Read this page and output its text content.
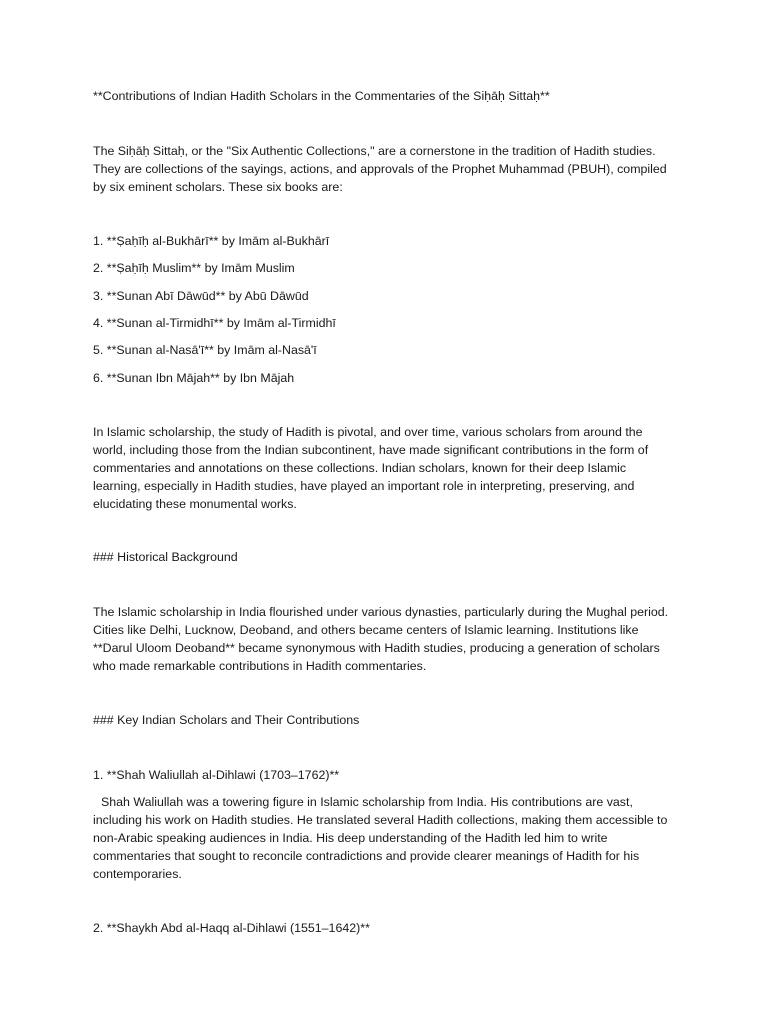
**Contributions of Indian Hadith Scholars in the Commentaries of the Siḥāḥ Sittaḥ**
The Siḥāḥ Sittaḥ, or the "Six Authentic Collections," are a cornerstone in the tradition of Hadith studies. They are collections of the sayings, actions, and approvals of the Prophet Muhammad (PBUH), compiled by six eminent scholars. These six books are:
1. **Ṣaḥīḥ al-Bukhārī** by Imām al-Bukhārī
2. **Ṣaḥīḥ Muslim** by Imām Muslim
3. **Sunan Abī Dāwūd** by Abū Dāwūd
4. **Sunan al-Tirmidhī** by Imām al-Tirmidhī
5. **Sunan al-Nasā'ī** by Imām al-Nasā'ī
6. **Sunan Ibn Mājah** by Ibn Mājah
In Islamic scholarship, the study of Hadith is pivotal, and over time, various scholars from around the world, including those from the Indian subcontinent, have made significant contributions in the form of commentaries and annotations on these collections. Indian scholars, known for their deep Islamic learning, especially in Hadith studies, have played an important role in interpreting, preserving, and elucidating these monumental works.
### Historical Background
The Islamic scholarship in India flourished under various dynasties, particularly during the Mughal period. Cities like Delhi, Lucknow, Deoband, and others became centers of Islamic learning. Institutions like **Darul Uloom Deoband** became synonymous with Hadith studies, producing a generation of scholars who made remarkable contributions in Hadith commentaries.
### Key Indian Scholars and Their Contributions
1. **Shah Waliullah al-Dihlawi (1703–1762)**
Shah Waliullah was a towering figure in Islamic scholarship from India. His contributions are vast, including his work on Hadith studies. He translated several Hadith collections, making them accessible to non-Arabic speaking audiences in India. His deep understanding of the Hadith led him to write commentaries that sought to reconcile contradictions and provide clearer meanings of Hadith for his contemporaries.
2. **Shaykh Abd al-Haqq al-Dihlawi (1551–1642)**
